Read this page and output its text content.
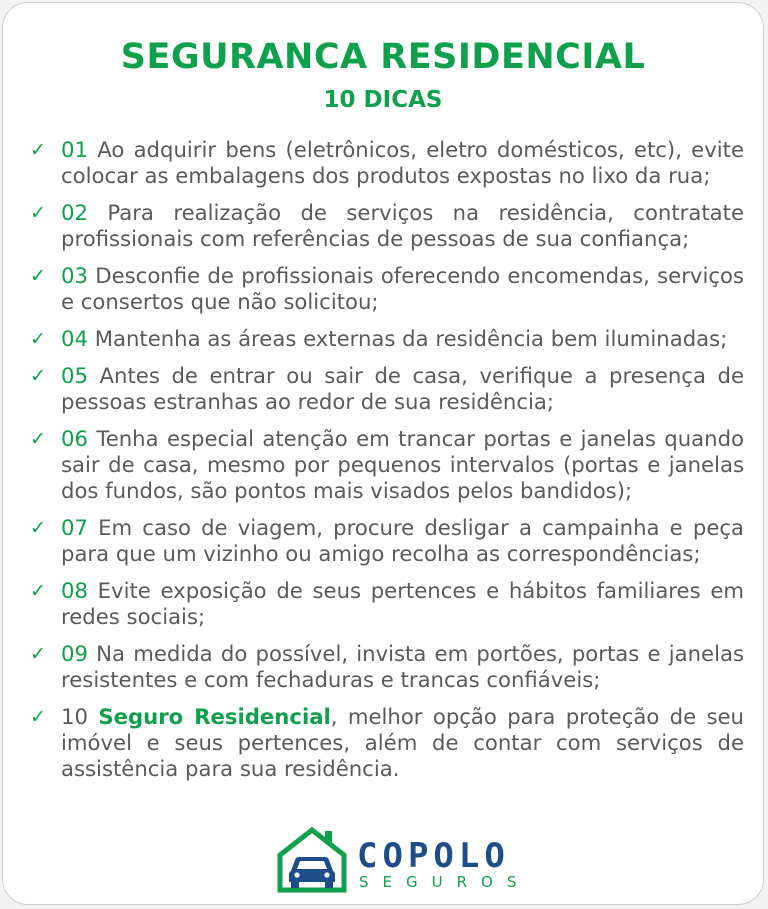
SEGURANCA RESIDENCIAL
10 DICAS
✓ 01 Ao adquirir bens (eletrônicos, eletro domésticos, etc), evite colocar as embalagens dos produtos expostas no lixo da rua;
✓ 02 Para realização de serviços na residência, contratate profissionais com referências de pessoas de sua confiança;
✓ 03 Desconfie de profissionais oferecendo encomendas, serviços e consertos que não solicitou;
✓ 04 Mantenha as áreas externas da residência bem iluminadas;
✓ 05 Antes de entrar ou sair de casa, verifique a presença de pessoas estranhas ao redor de sua residência;
✓ 06 Tenha especial atenção em trancar portas e janelas quando sair de casa, mesmo por pequenos intervalos (portas e janelas dos fundos, são pontos mais visados pelos bandidos);
✓ 07 Em caso de viagem, procure desligar a campainha e peça para que um vizinho ou amigo recolha as correspondências;
✓ 08 Evite exposição de seus pertences e hábitos familiares em redes sociais;
✓ 09 Na medida do possível, invista em portões, portas e janelas resistentes e com fechaduras e trancas confiáveis;
✓ 10 Seguro Residencial, melhor opção para proteção de seu imóvel e seus pertences, além de contar com serviços de assistência para sua residência.
COPOLO
SEGUROS
